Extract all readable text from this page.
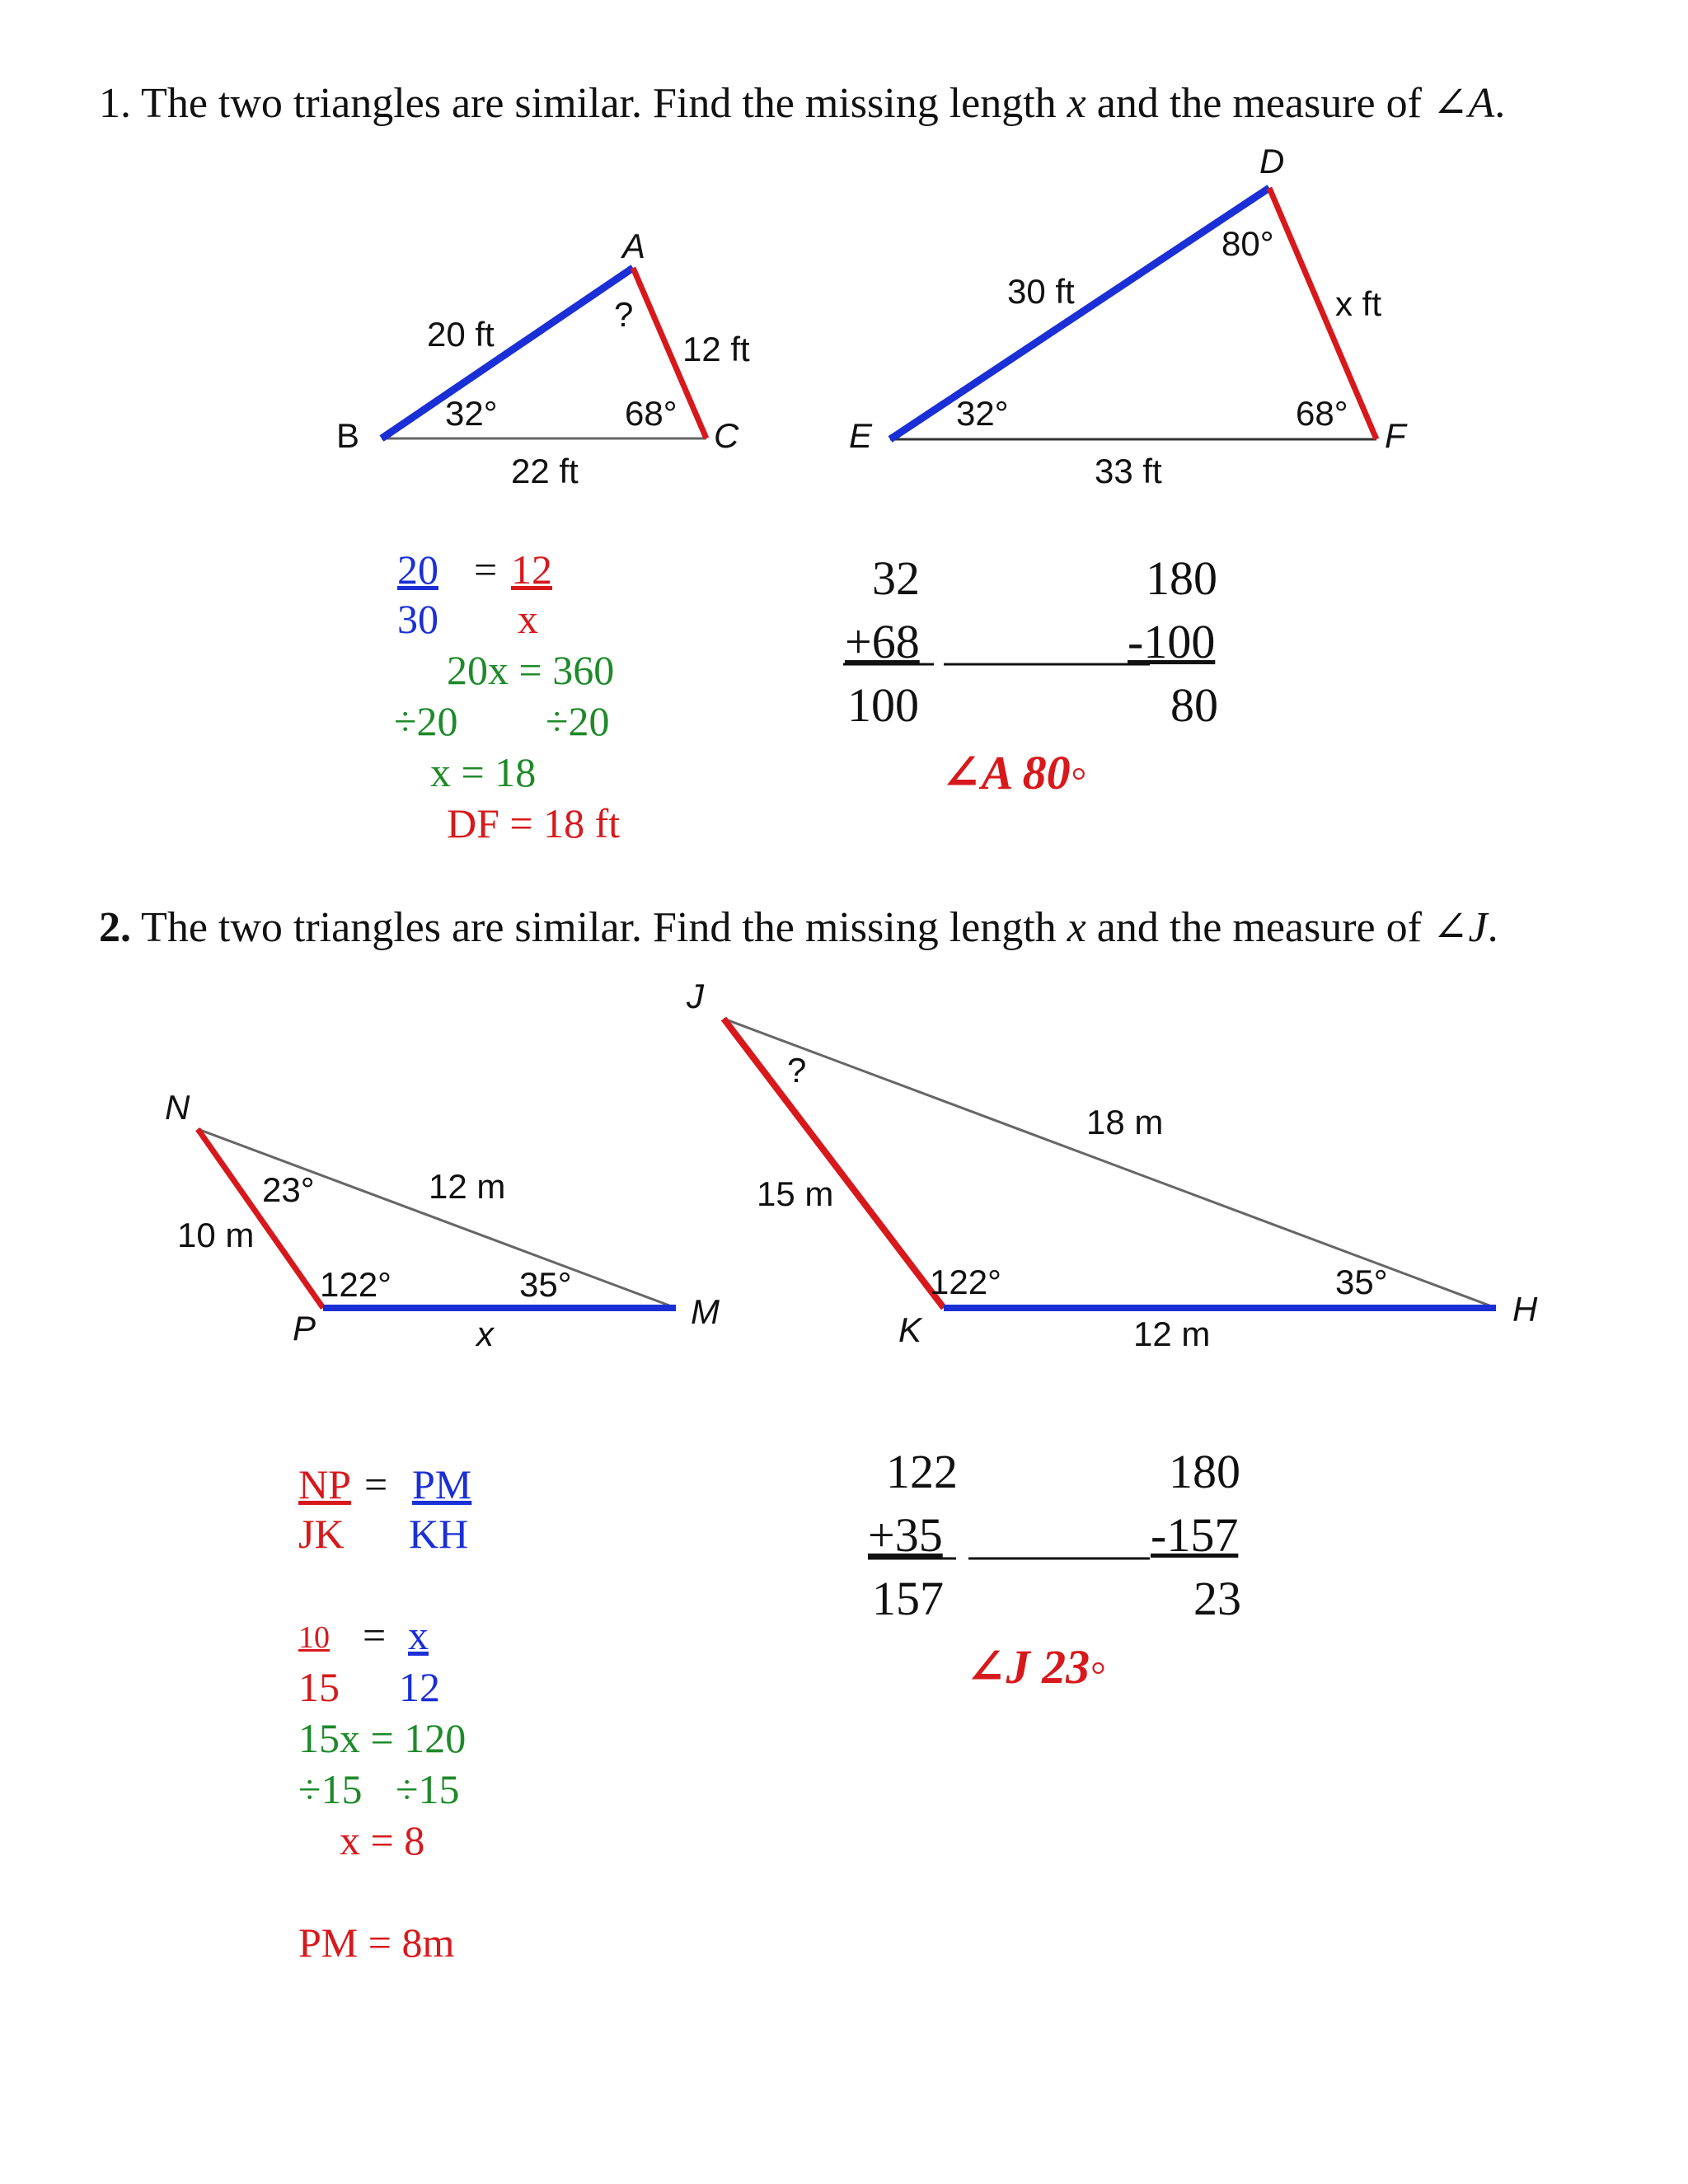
1. The two triangles are similar. Find the missing length x and the measure of ∠A.
A
B	C
20 ft	12 ft
22 ft
32°	68°
?
D
E	F
30 ft	x ft
33 ft
32°	68°
80°
20 = 12
30 x
20x = 360
÷20 ÷20
x = 18
DF = 18 ft
32
+68
100
180
-100
80
∠A 80◦
2. The two triangles are similar. Find the missing length x and the measure of ∠J.
N
P	M
10 m
12 m
x
23°
122°	35°
J
K
H
15 m
18 m
12 m
?
122°	35°
NP = PM
JK KH
10 = x
15 12
15x = 120
÷15 ÷15
x = 8
PM = 8m
122
+35
157
180
-157
23
∠J 23◦
